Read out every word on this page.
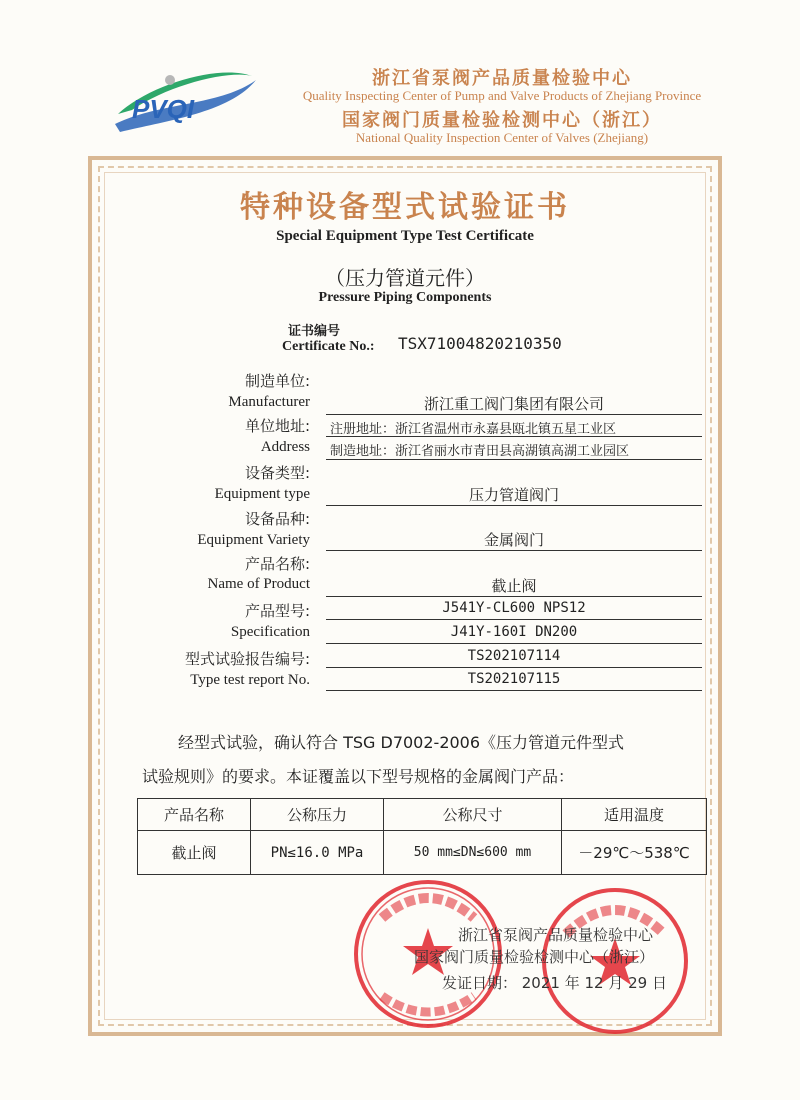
PVQI
浙江省泵阀产品质量检验中心
Quality Inspecting Center of Pump and Valve Products of Zhejiang Province
国家阀门质量检验检测中心（浙江）
National Quality Inspection Center of Valves (Zhejiang)
特种设备型式试验证书
Special Equipment Type Test Certificate
（压力管道元件）
Pressure Piping Components
证书编号
Certificate No.: TSX71004820210350
制造单位:
Manufacturer	浙江重工阀门集团有限公司
单位地址:
Address
注册地址：浙江省温州市永嘉县瓯北镇五星工业区
制造地址：浙江省丽水市青田县高湖镇高湖工业园区
设备类型:
Equipment type	压力管道阀门
设备品种:
Equipment Variety	金属阀门
产品名称:
Name of Product	截止阀
产品型号:
Specification
J541Y-CL600 NPS12
J41Y-160I DN200
型式试验报告编号:
Type test report No.
TS202107114
TS202107115
经型式试验，确认符合 TSG D7002-2006《压力管道元件型式
试验规则》的要求。本证覆盖以下型号规格的金属阀门产品：
产品名称	公称压力	公称尺寸	适用温度
截止阀	PN≤16.0 MPa	50 mm≤DN≤600 mm	－29℃～538℃
浙江省泵阀产品质量检验中心
国家阀门质量检验检测中心（浙江）
发证日期： 2021 年 12 月 29 日
